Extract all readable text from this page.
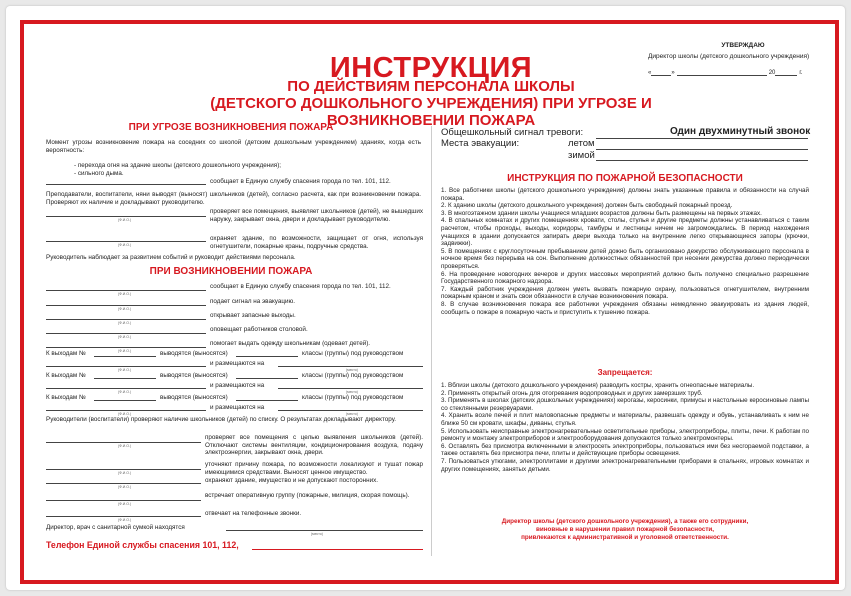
УТВЕРЖДАЮ
Директор школы (детского дошкольного учреждения)
«	»	20	г.
ИНСТРУКЦИЯ
ПО ДЕЙСТВИЯМ ПЕРСОНАЛА ШКОЛЫ
(ДЕТСКОГО ДОШКОЛЬНОГО УЧРЕЖДЕНИЯ) ПРИ УГРОЗЕ И ВОЗНИКНОВЕНИИ ПОЖАРА
ПРИ УГРОЗЕ ВОЗНИКНОВЕНИЯ ПОЖАРА
Момент угрозы возникновение пожара на соседних со школой (детским дошкольным учреждением) зданиях, когда есть вероятность:
- перехода огня на здание школы (детского дошкольного учреждения);
- сильного дыма.
сообщает в Единую службу спасения города по тел. 101, 112.
Преподаватели, воспитатели, няни выводят (выносят) школьников (детей), согласно расчета, как при возникновении пожара. Проверяют их наличие и докладывают руководителю.
(Ф.И.О.)
проверяет все помещения, выявляет школьников (детей), не вышедших наружу, закрывает окна, двери и докладывает руководителю.
(Ф.И.О.)
охраняет здание, по возможности, защищает от огня, используя огнетушители, пожарные краны, подручные средства.
Руководитель наблюдает за развитием событий и руководит действиями персонала.
ПРИ ВОЗНИКНОВЕНИИ ПОЖАРА
(Ф.И.О.)
сообщает в Единую службу спасения города по тел. 101, 112.
(Ф.И.О.)
подает сигнал на эвакуацию.
(Ф.И.О.)
открывает запасные выходы.
(Ф.И.О.)
оповещает работников столовой.
(Ф.И.О.)
помогает выдать одежду школьникам (одевает детей).
К выходам №	выводятся (выносятся)	классы (группы) под руководством
(Ф.И.О.)
и размещаются на
(место)
К выходам №	выводятся (выносятся)	классы (группы) под руководством
(Ф.И.О.)
и размещаются на
(место)
К выходам №	выводятся (выносятся)	классы (группы) под руководством
(Ф.И.О.)
и размещаются на
(место)
Руководители (воспитатели) проверяют наличие школьников (детей) по списку. О результатах докладывают директору.
(Ф.И.О.)
проверяет все помещения с целью выявления школьников (детей). Отключают системы вентиляции, кондиционирования воздуха, подачу электроэнергии, закрывают окна, двери.
(Ф.И.О.)
уточняют причину пожара, по возможности локализуют и тушат пожар имеющимися средствами. Выносят ценное имущество.
(Ф.И.О.)
охраняют здание, имущество и не допускают посторонних.
(Ф.И.О.)
встречает оперативную группу (пожарные, милиция, скорая помощь).
(Ф.И.О.)
отвечает на телефонные звонки.
Директор, врач с санитарной сумкой находятся
(место)
Телефон Единой службы спасения 101, 112,
Общешкольный сигнал тревоги:	Один двухминутный звонок
Места эвакуации:	летом
зимой
ИНСТРУКЦИЯ ПО ПОЖАРНОЙ БЕЗОПАСНОСТИ
1. Все работники школы (детского дошкольного учреждения) должны знать указанные правила и обязанности на случай пожара.
2. К зданию школы (детского дошкольного учреждения) должен быть свободный пожарный проезд.
3. В многоэтажном здании школы учащиеся младших возрастов должны быть размещены на первых этажах.
4. В спальных комнатах и других помещениях кровати, столы, стулья и другие предметы должны устанавливаться с таким расчетом, чтобы проходы, выходы, коридоры, тамбуры и лестницы ничем не загромождались. В период нахождения учащихся в здании допускается запирать двери выхода только на внутренние легко открывающиеся запоры (крючки, задвижки).
5. В помещениях с круглосуточным пребыванием детей дожно быть организовано дежурство обслуживающего персонала в ночное время без перерыва на сон. Выполнение должностных обязанностей при несении дежурства должно периодически проверяться.
6. На проведение новогодних вечеров и других массовых мероприятий должно быть получено специально разрешение Государственного пожарного надзора.
7. Каждый работник учреждения должен уметь вызвать пожарную охрану, пользоваться огнетушителем, внутренним пожарным краном и знать свои обязанности в случае возникновения пожара.
8. В случае возникновения пожара все работники учреждения обязаны немедленно эвакуировать из здания людей, сообщить о пожаре в пожарную часть и приступить к тушению пожара.
Запрещается:
1. Вблизи школы (детского дошкольного учреждения) разводить костры, хранить огнеопасные материалы.
2. Применять открытый огонь для отогревания водопроводных и других замерзших труб.
3. Применять в школах (детских дошкольных учреждениях) керогазы, керосинки, примусы и настольные керосиновые лампы со стеклянными резервуарами.
4. Хранить возле печей и плит маловопасные предметы и материалы, развешать одежду и обувь, устанавливать к ним не ближе 50 см кровати, шкафы, диваны, стулья.
5. Использовать неисправные электронагревательные осветительные приборы, электроприборы, плиты, печи. К работам по ремонту и монтажу электроприборов и электрооборудования допускаются только электромонтеры.
6. Оставлять без присмотра включенными в электросеть электроприборы, пользоваться ими без несгораемой подставки, а также оставлять без присмотра печи, плиты и действующие приборы освещения.
7. Пользоваться утюгами, электроплитами и другими электронагревательными приборами в спальнях, игровых комнатах и других помещениях, занятых детьми.
Директор школы (детского дошкольного учреждения), а также его сотрудники,
виновные в нарушении правил пожарной безопасности,
привлекаются к административной и уголовной ответственности.
